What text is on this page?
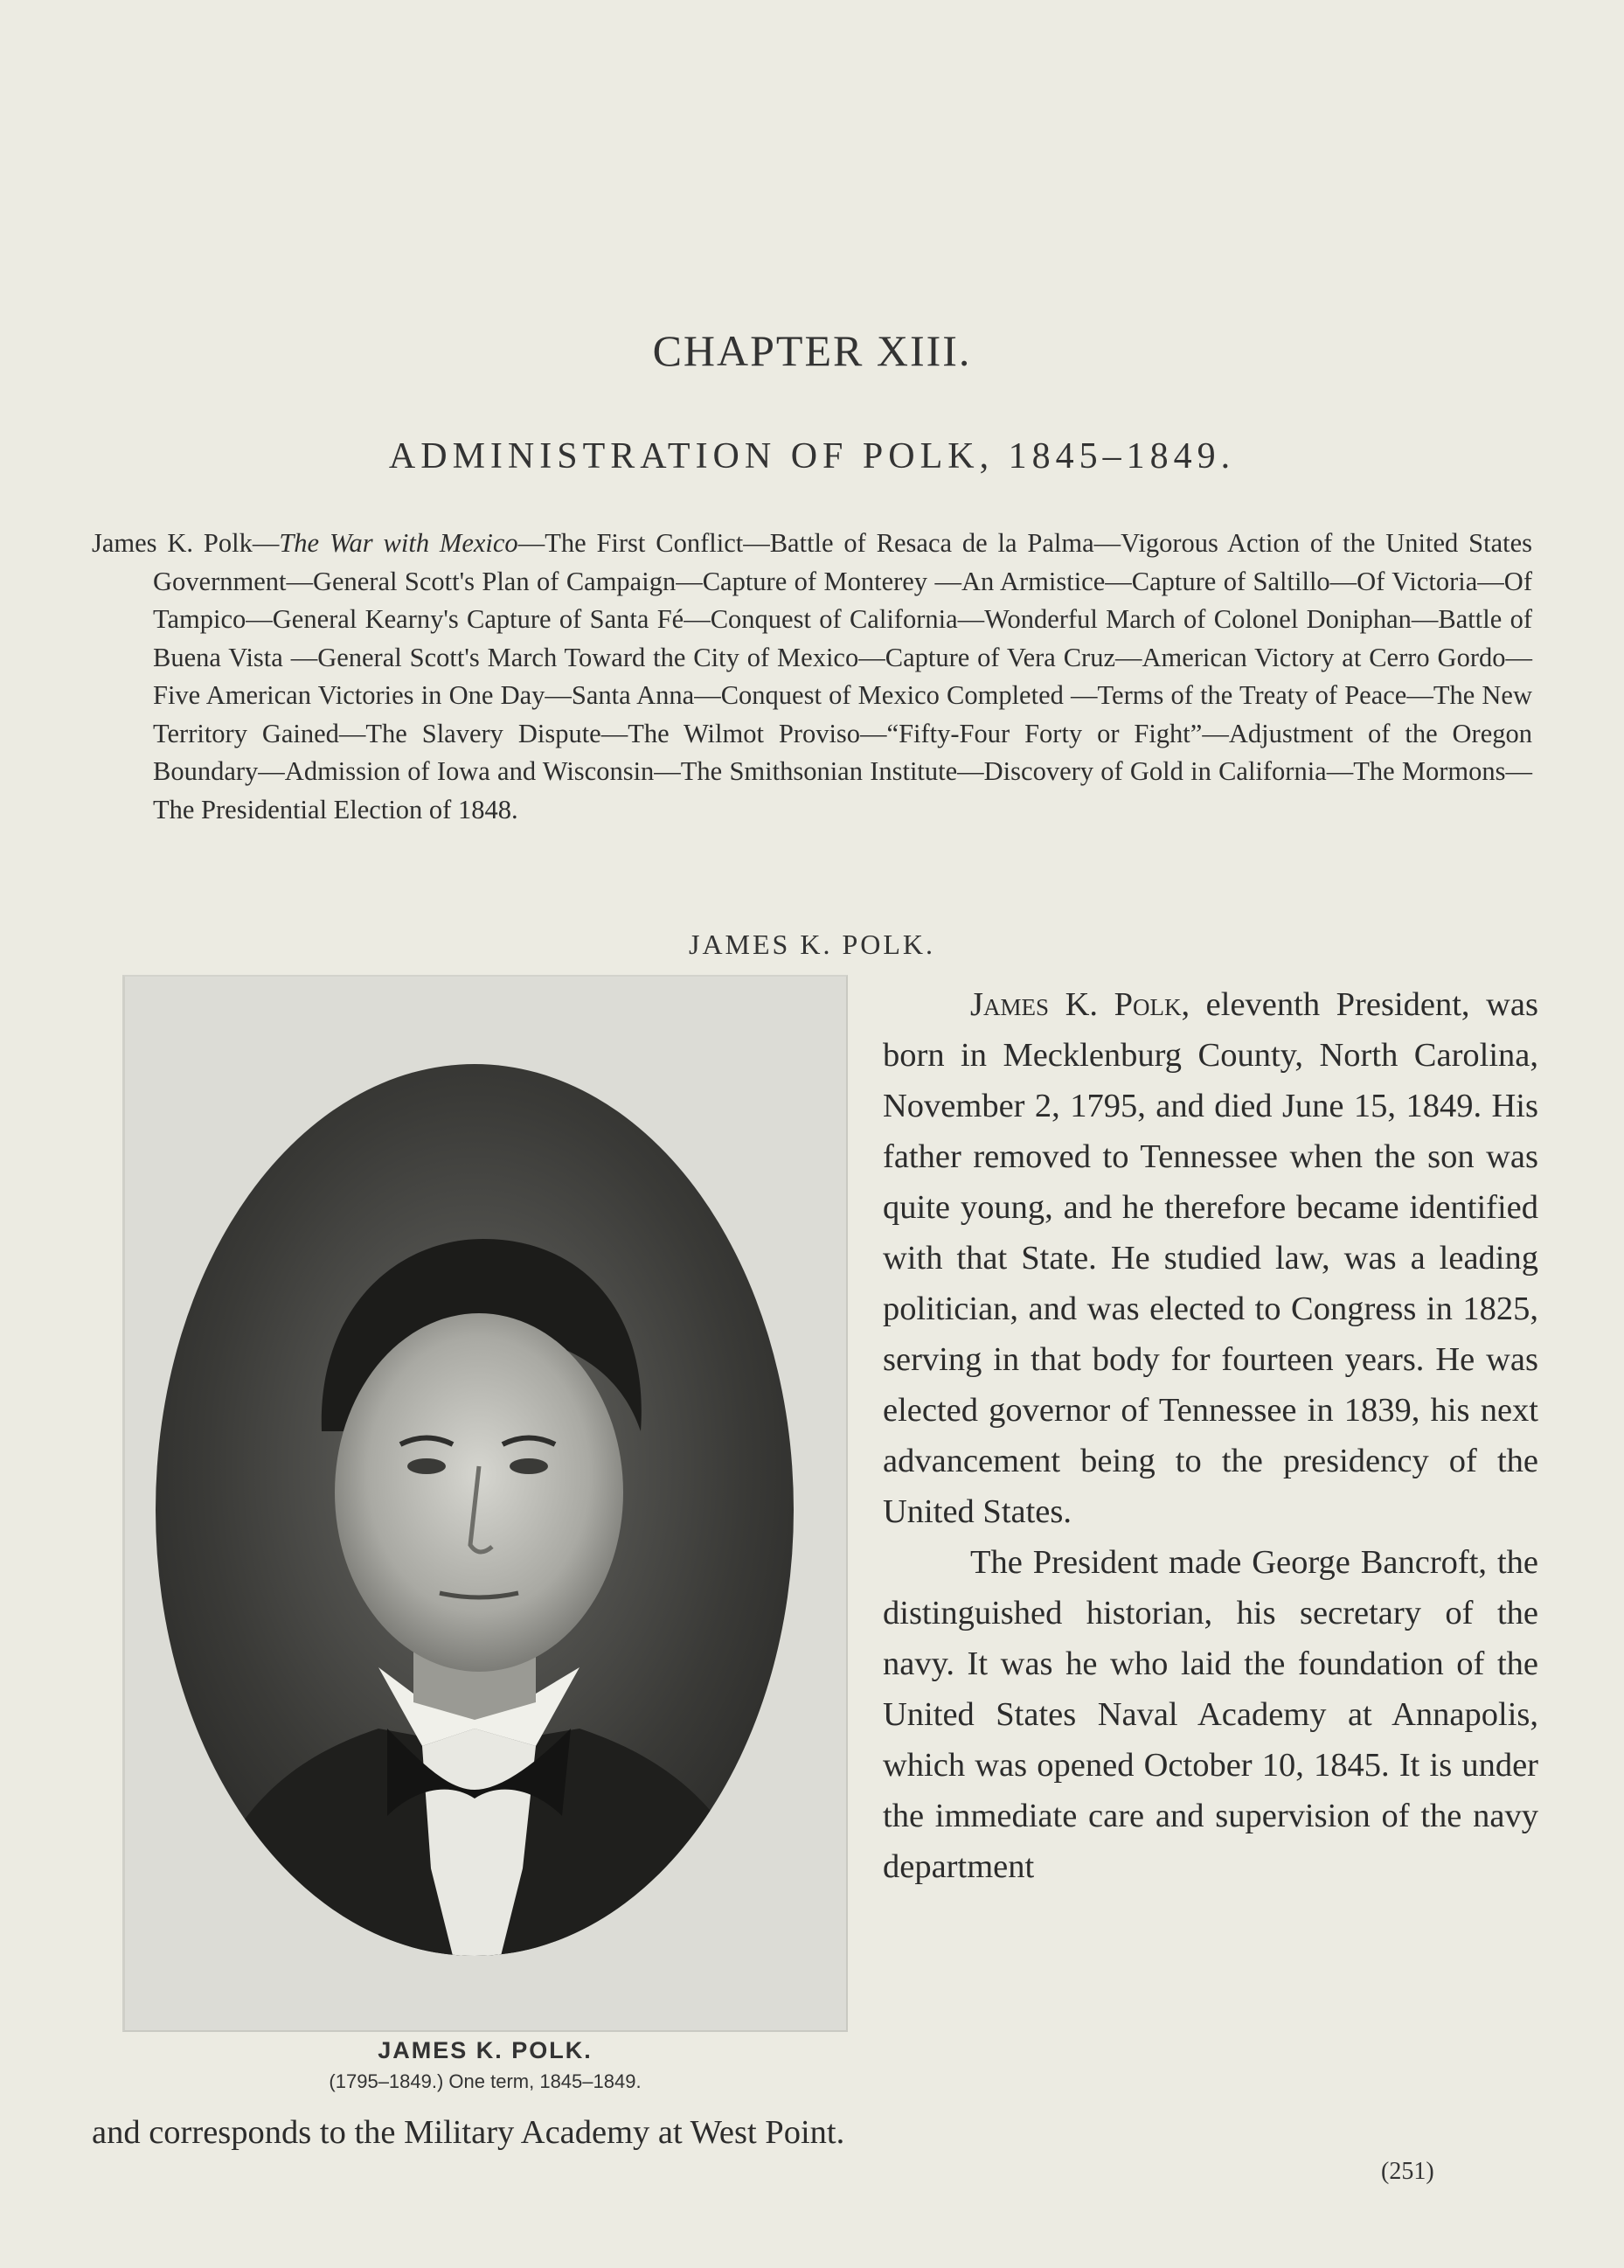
CHAPTER XIII.
ADMINISTRATION OF POLK, 1845–1849.
James K. Polk—The War with Mexico—The First Conflict—Battle of Resaca de la Palma—Vigorous Action of the United States Government—General Scott's Plan of Campaign—Capture of Monterey —An Armistice—Capture of Saltillo—Of Victoria—Of Tampico—General Kearny's Capture of Santa Fé—Conquest of California—Wonderful March of Colonel Doniphan—Battle of Buena Vista —General Scott's March Toward the City of Mexico—Capture of Vera Cruz—American Victory at Cerro Gordo—Five American Victories in One Day—Santa Anna—Conquest of Mexico Completed —Terms of the Treaty of Peace—The New Territory Gained—The Slavery Dispute—The Wilmot Proviso—“Fifty-Four Forty or Fight”—Adjustment of the Oregon Boundary—Admission of Iowa and Wisconsin—The Smithsonian Institute—Discovery of Gold in California—The Mormons—The Presidential Election of 1848.
JAMES K. POLK.
JAMES K. POLK.
(1795–1849.) One term, 1845–1849.

James K. Polk, eleventh President, was born in Mecklenburg County, North Carolina, November 2, 1795, and died June 15, 1849. His father removed to Tennessee when the son was quite young, and he therefore became identified with that State. He studied law, was a leading politician, and was elected to Congress in 1825, serving in that body for fourteen years. He was elected governor of Tennessee in 1839, his next advancement being to the presidency of the United States.

The President made George Bancroft, the distinguished historian, his secretary of the navy. It was he who laid the foundation of the United States Naval Academy at Annapolis, which was opened October 10, 1845. It is under the immediate care and supervision of the navy department

and corresponds to the Military Academy at West Point.
(251)
